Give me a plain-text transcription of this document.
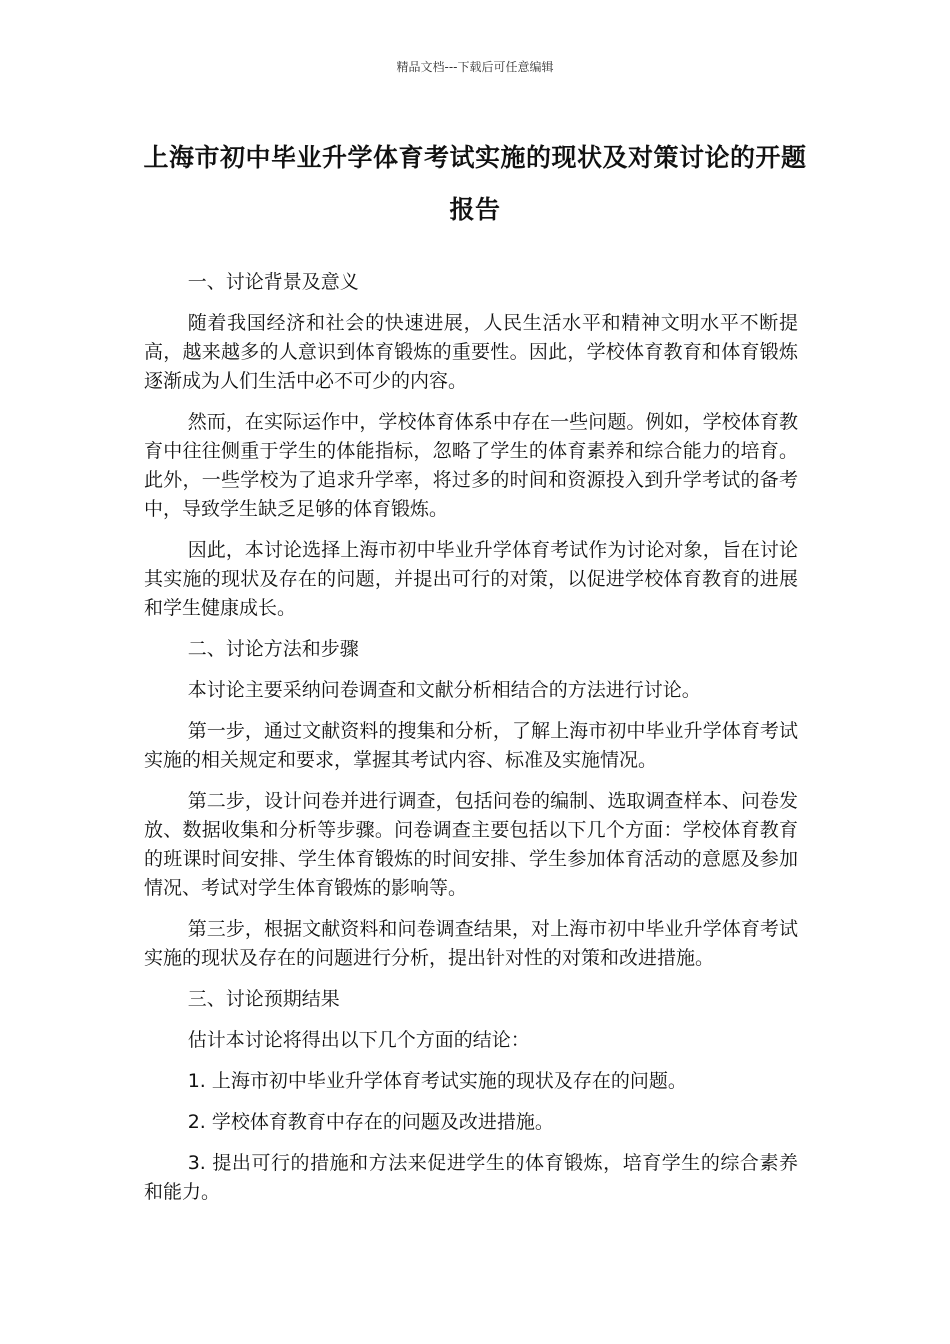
精品文档---下载后可任意编辑
上海市初中毕业升学体育考试实施的现状及对策讨论的开题报告

一、讨论背景及意义

随着我国经济和社会的快速进展，人民生活水平和精神文明水平不断提高，越来越多的人意识到体育锻炼的重要性。因此，学校体育教育和体育锻炼逐渐成为人们生活中必不可少的内容。

然而，在实际运作中，学校体育体系中存在一些问题。例如，学校体育教育中往往侧重于学生的体能指标，忽略了学生的体育素养和综合能力的培育。此外，一些学校为了追求升学率，将过多的时间和资源投入到升学考试的备考中，导致学生缺乏足够的体育锻炼。

因此，本讨论选择上海市初中毕业升学体育考试作为讨论对象，旨在讨论其实施的现状及存在的问题，并提出可行的对策，以促进学校体育教育的进展和学生健康成长。

二、讨论方法和步骤

本讨论主要采纳问卷调查和文献分析相结合的方法进行讨论。

第一步，通过文献资料的搜集和分析，了解上海市初中毕业升学体育考试实施的相关规定和要求，掌握其考试内容、标准及实施情况。

第二步，设计问卷并进行调查，包括问卷的编制、选取调查样本、问卷发放、数据收集和分析等步骤。问卷调查主要包括以下几个方面：学校体育教育的班课时间安排、学生体育锻炼的时间安排、学生参加体育活动的意愿及参加情况、考试对学生体育锻炼的影响等。

第三步，根据文献资料和问卷调查结果，对上海市初中毕业升学体育考试实施的现状及存在的问题进行分析，提出针对性的对策和改进措施。

三、讨论预期结果

估计本讨论将得出以下几个方面的结论：

1. 上海市初中毕业升学体育考试实施的现状及存在的问题。

2. 学校体育教育中存在的问题及改进措施。

3. 提出可行的措施和方法来促进学生的体育锻炼，培育学生的综合素养和能力。
